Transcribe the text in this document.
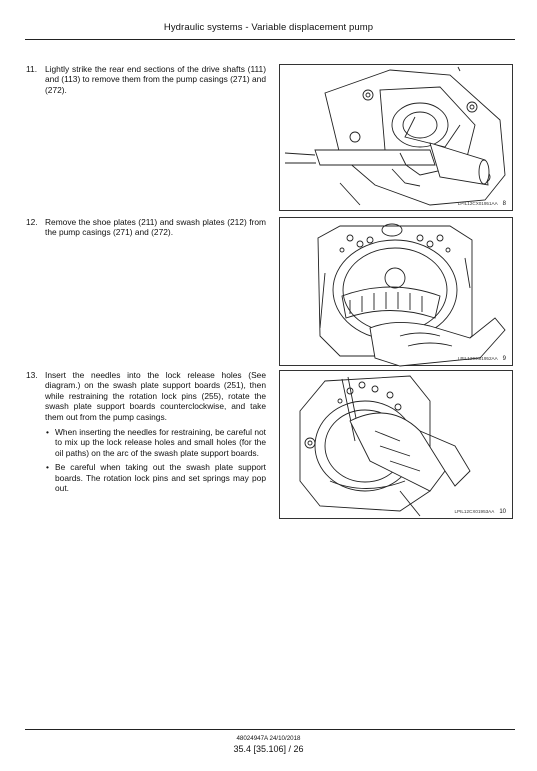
Hydraulic systems - Variable displacement pump
11. Lightly strike the rear end sections of the drive shafts (111) and (113) to remove them from the pump casings (271) and (272).
LPIL12CX01951AA 8
12. Remove the shoe plates (211) and swash plates (212) from the pump casings (271) and (272).
LPIL12CX01952AA 9
13. Insert the needles into the lock release holes (See diagram.) on the swash plate support boards (251), then while restraining the rotation lock pins (255), rotate the swash plate support boards counterclockwise, and take them out from the pump casings.
• When inserting the needles for restraining, be careful not to mix up the lock release holes and small holes (for the oil paths) on the arc of the swash plate support boards.
• Be careful when taking out the swash plate support boards. The rotation lock pins and set springs may pop out.
LPIL12CX01953AA 10
48024947A 24/10/2018
35.4 [35.106] / 26
